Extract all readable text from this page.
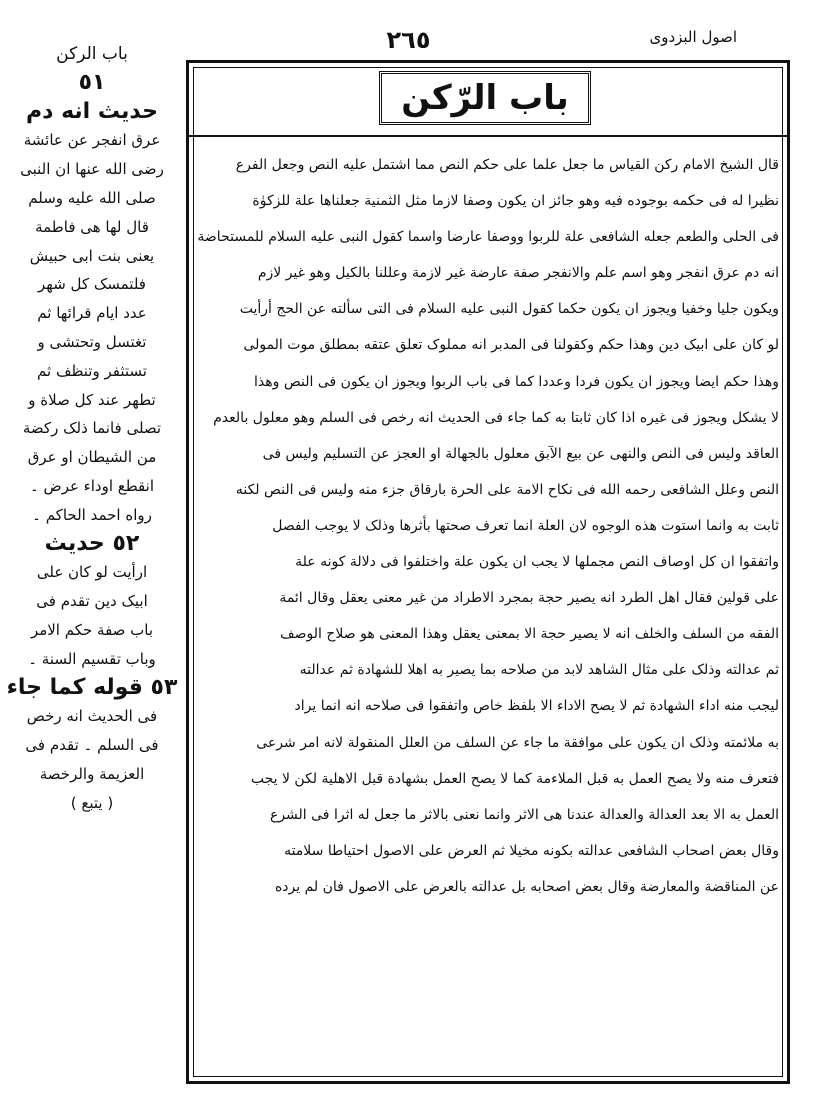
اصول البزدوی
٢٦٥
باب الرّکن
قال الشیخ الامام رکن القیاس ما جعل علما علی حکم النص مما اشتمل علیه النص وجعل الفرع
نظیرا له فی حکمه بوجوده فیه وهو جائز ان یکون وصفا لازما مثل الثمنیة جعلناها علة للزکوٰة
فی الحلی والطعم جعله الشافعی علة للربوا ووصفا عارضا واسما کقول النبی علیه السلام للمستحاضة
انه دم عرق انفجر وهو اسم علم والانفجر صفة عارضة غیر لازمة وعللنا بالکیل وهو غیر لازم
ویکون جلیا وخفیا ویجوز ان یکون حکما کقول النبی علیه السلام فی التی سألته عن الحج أرأیت
لو کان علی ابیک دین وهذا حکم وکقولنا فی المدبر انه مملوک تعلق عتقه بمطلق موت المولی
وهذا حکم ایضا ویجوز ان یکون فردا وعددا کما فی باب الربوا ویجوز ان یکون فی النص وهذا
لا یشکل ویجوز فی غیره اذا کان ثابتا به کما جاء فی الحدیث انه رخص فی السلم وهو معلول بالعدم
العاقد ولیس فی النص والنهی عن بیع الآبق معلول بالجهالة او العجز عن التسلیم ولیس فی
النص وعلل الشافعی رحمه الله فی نکاح الامة علی الحرة بارقاق جزء منه ولیس فی النص لکنه
ثابت به وانما استوت هذه الوجوه لان العلة انما تعرف صحتها بأثرها وذلک لا یوجب الفصل
واتفقوا ان کل اوصاف النص مجملها لا یجب ان یکون علة واختلفوا فی دلالة کونه علة
علی قولین فقال اهل الطرد انه یصیر حجة بمجرد الاطراد من غیر معنی یعقل وقال ائمة
الفقه من السلف والخلف انه لا یصیر حجة الا بمعنی یعقل وهذا المعنی هو صلاح الوصف
ثم عدالته وذلک علی مثال الشاهد لابد من صلاحه بما یصیر به اهلا للشهادة ثم عدالته
لیجب منه اداء الشهادة ثم لا یصح الاداء الا بلفظ خاص واتفقوا فی صلاحه انه انما یراد
به ملائمته وذلک ان یکون علی موافقة ما جاء عن السلف من العلل المنقولة لانه امر شرعی
فتعرف منه ولا یصح العمل به قبل الملاءمة کما لا یصح العمل بشهادة قبل الاهلیة لکن لا یجب
العمل به الا بعد العدالة والعدالة عندنا هی الاثر وانما نعنی بالاثر ما جعل له اثرا فی الشرع
وقال بعض اصحاب الشافعی عدالته بکونه مخیلا ثم العرض علی الاصول احتیاطا سلامته
عن المناقضة والمعارضة وقال بعض اصحابه بل عدالته بالعرض علی الاصول فان لم یرده
باب الرکن
٥١
حدیث انه دم
عرق انفجر عن عائشة
رضی الله عنها ان النبی
صلی الله علیه وسلم
قال لها هی فاطمة
یعنی بنت ابی حبیش
فلتمسک کل شهر
عدد ایام قرائها ثم
تغتسل وتحتشی و
تستثفر وتنظف ثم
تطهر عند کل صلاة و
تصلی فانما ذلک رکضة
من الشیطان او عرق
انقطع اوداء عرض ۔
رواه احمد الحاکم ۔
٥٢ حدیث
ارأیت لو کان علی
ابیک دین تقدم فی
باب صفة حکم الامر
وباب تقسیم السنة ۔
٥٣ قوله کما جاء
فی الحدیث انه رخص
فی السلم ۔ تقدم فی
العزیمة والرخصة
( یتبع )
